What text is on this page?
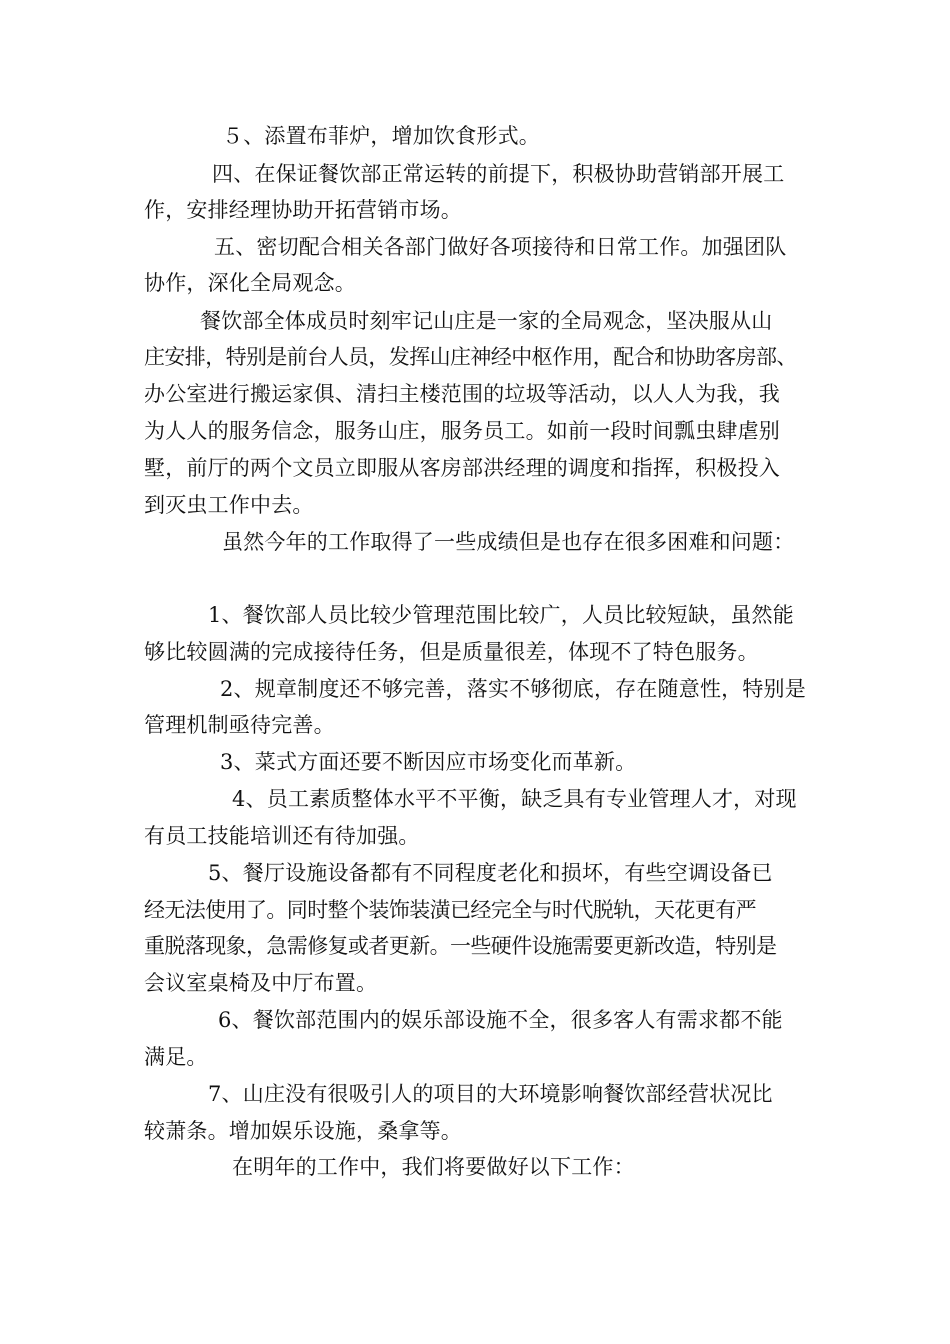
５、添置布菲炉，增加饮食形式。
四、在保证餐饮部正常运转的前提下，积极协助营销部开展工
作，安排经理协助开拓营销市场。
五、密切配合相关各部门做好各项接待和日常工作。加强团队
协作，深化全局观念。
餐饮部全体成员时刻牢记山庄是一家的全局观念，坚决服从山
庄安排，特别是前台人员，发挥山庄神经中枢作用，配合和协助客房部、
办公室进行搬运家俱、清扫主楼范围的垃圾等活动，以人人为我，我
为人人的服务信念，服务山庄，服务员工。如前一段时间瓢虫肆虐别
墅，前厅的两个文员立即服从客房部洪经理的调度和指挥，积极投入
到灭虫工作中去。
虽然今年的工作取得了一些成绩但是也存在很多困难和问题：
1、餐饮部人员比较少管理范围比较广，人员比较短缺，虽然能
够比较圆满的完成接待任务，但是质量很差，体现不了特色服务。
2、规章制度还不够完善，落实不够彻底，存在随意性，特别是
管理机制亟待完善。
3、菜式方面还要不断因应市场变化而革新。
4、员工素质整体水平不平衡，缺乏具有专业管理人才，对现
有员工技能培训还有待加强。
5、餐厅设施设备都有不同程度老化和损坏，有些空调设备已
经无法使用了。同时整个装饰装潢已经完全与时代脱轨，天花更有严
重脱落现象，急需修复或者更新。一些硬件设施需要更新改造，特别是
会议室桌椅及中厅布置。
6、餐饮部范围内的娱乐部设施不全，很多客人有需求都不能
满足。
7、山庄没有很吸引人的项目的大环境影响餐饮部经营状况比
较萧条。增加娱乐设施，桑拿等。
在明年的工作中，我们将要做好以下工作：
